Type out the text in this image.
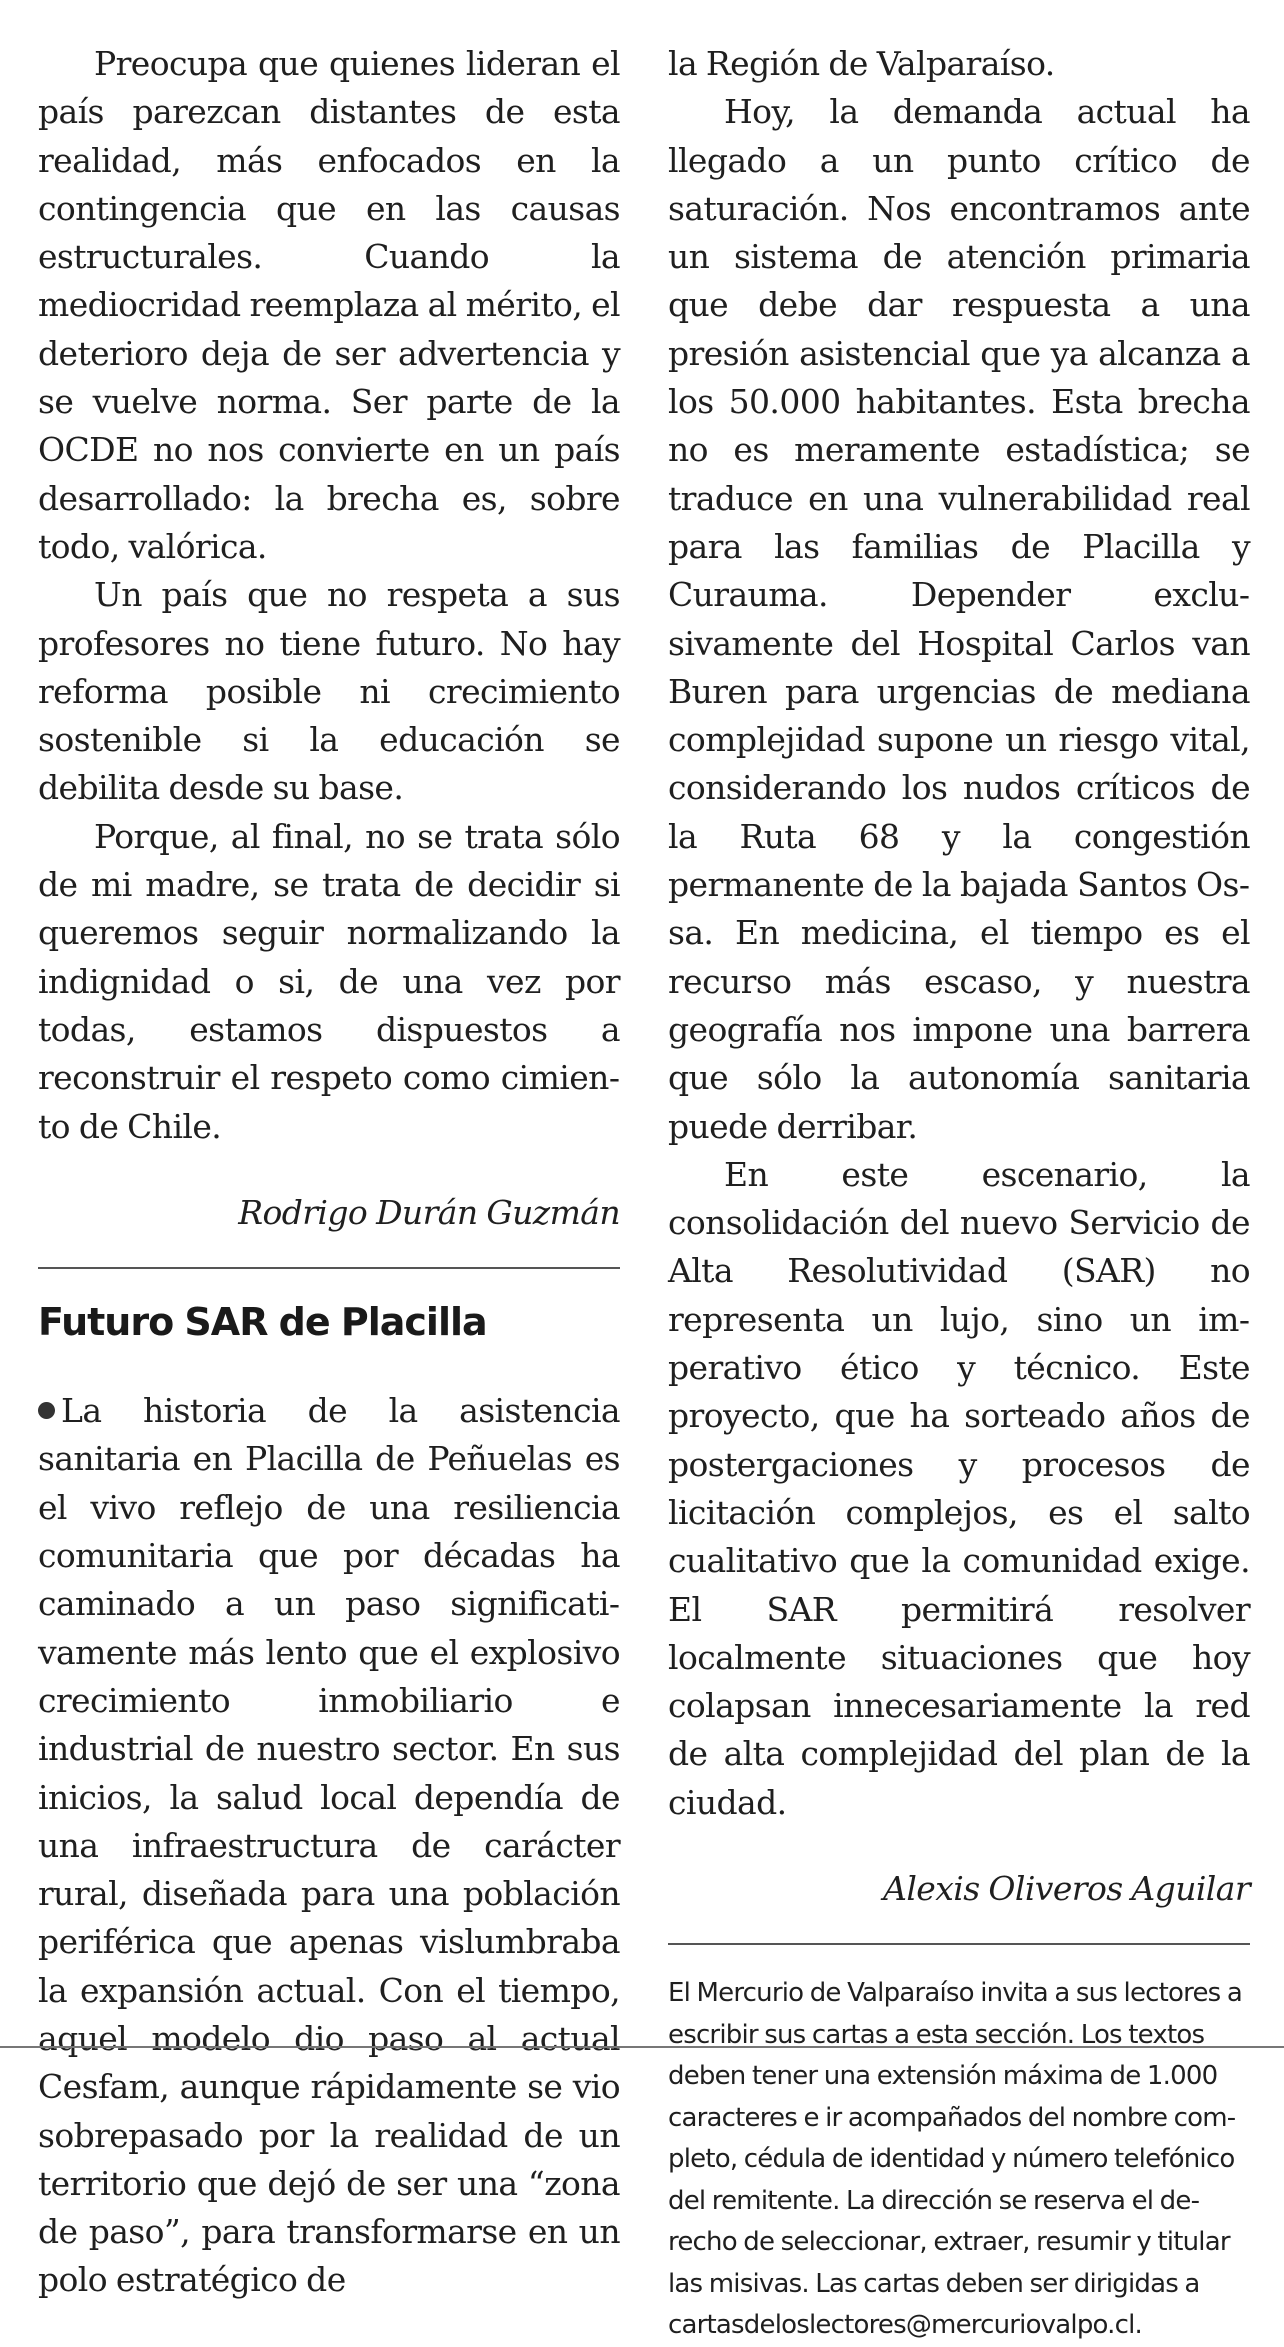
Preocupa que quienes lideran el país parezcan distantes de esta realidad, más enfocados en la contingencia que en las causas estructurales. Cuando la mediocridad reemplaza al mérito, el deterioro deja de ser advertencia y se vuelve norma. Ser parte de la OCDE no nos convierte en un país desarrollado: la brecha es, sobre todo, valórica.

Un país que no respeta a sus profesores no tiene futuro. No hay reforma posible ni crecimiento sostenible si la educación se debilita desde su base.

Porque, al final, no se trata sólo de mi madre, se trata de decidir si queremos seguir normalizando la indignidad o si, de una vez por todas, estamos dispuestos a reconstruir el respeto como cimiento de Chile.

Rodrigo Durán Guzmán

Futuro SAR de Placilla

La historia de la asistencia sanitaria en Placilla de Peñuelas es el vivo reflejo de una resiliencia comunitaria que por décadas ha caminado a un paso significativamente más lento que el explosivo crecimiento inmobiliario e industrial de nuestro sector. En sus inicios, la salud local dependía de una infraestructura de carácter rural, diseñada para una población periférica que apenas vislumbraba la expansión actual. Con el tiempo, aquel modelo dio paso al actual Cesfam, aunque rápidamente se vio sobrepasado por la realidad de un territorio que dejó de ser una “zona de paso”, para transformarse en un polo estratégico de

la Región de Valparaíso.

Hoy, la demanda actual ha llegado a un punto crítico de saturación. Nos encontramos ante un sistema de atención primaria que debe dar respuesta a una presión asistencial que ya alcanza a los 50.000 habitantes. Esta brecha no es meramente estadística; se traduce en una vulnerabilidad real para las familias de Placilla y Curauma. Depender exclusivamente del Hospital Carlos van Buren para urgencias de mediana complejidad supone un riesgo vital, considerando los nudos críticos de la Ruta 68 y la congestión permanente de la bajada Santos Ossa. En medicina, el tiempo es el recurso más escaso, y nuestra geografía nos impone una barrera que sólo la autonomía sanitaria puede derribar.

En este escenario, la consolidación del nuevo Servicio de Alta Resolutividad (SAR) no representa un lujo, sino un imperativo ético y técnico. Este proyecto, que ha sorteado años de postergaciones y procesos de licitación complejos, es el salto cualitativo que la comunidad exige. El SAR permitirá resolver localmente situaciones que hoy colapsan innecesariamente la red de alta complejidad del plan de la ciudad.

Alexis Oliveros Aguilar

El Mercurio de Valparaíso invita a sus lectores a escribir sus cartas a esta sección. Los textos deben tener una extensión máxima de 1.000 caracteres e ir acompañados del nombre completo, cédula de identidad y número telefónico del remitente. La dirección se reserva el derecho de seleccionar, extraer, resumir y titular las misivas. Las cartas deben ser dirigidas a cartasdeloslectores@mercuriovalpo.cl.
